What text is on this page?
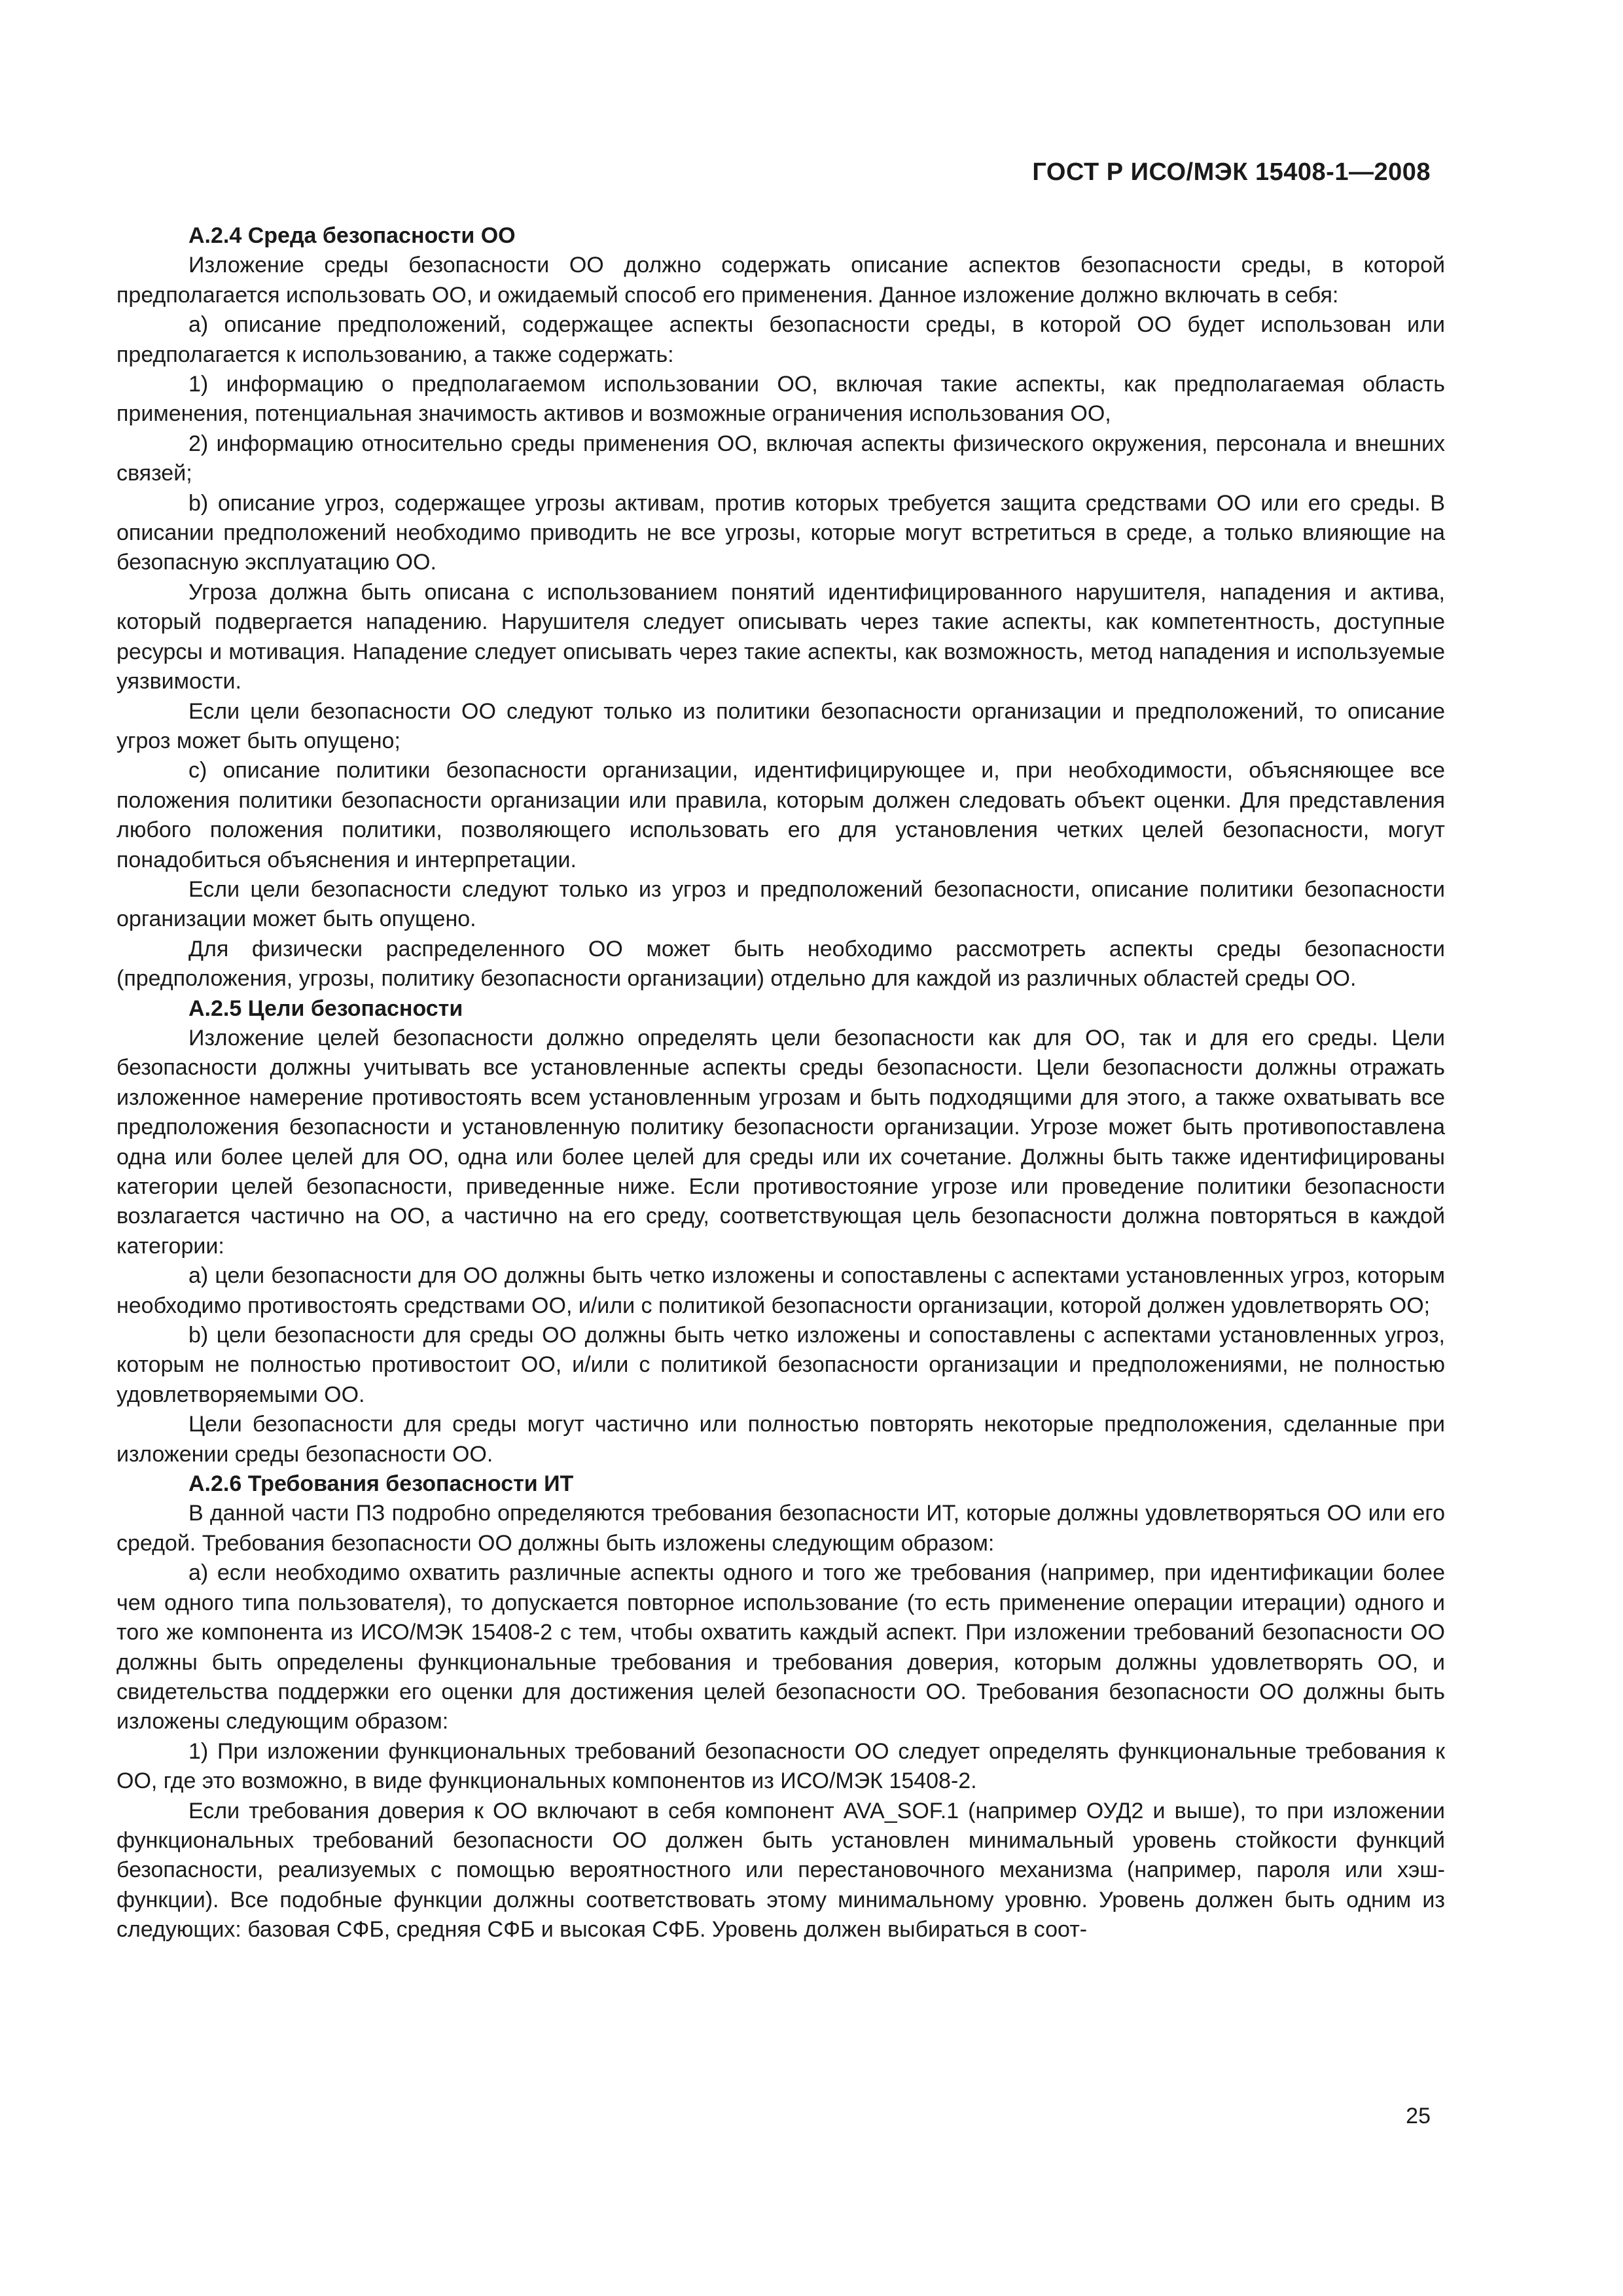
ГОСТ Р ИСО/МЭК 15408-1—2008
А.2.4 Среда безопасности ОО

Изложение среды безопасности ОО должно содержать описание аспектов безопасности среды, в которой предполагается использовать ОО, и ожидаемый способ его применения. Данное изложение должно включать в себя:

a) описание предположений, содержащее аспекты безопасности среды, в которой ОО будет использован или предполагается к использованию, а также содержать:

1) информацию о предполагаемом использовании ОО, включая такие аспекты, как предполагаемая область применения, потенциальная значимость активов и возможные ограничения использования ОО,

2) информацию относительно среды применения ОО, включая аспекты физического окружения, персонала и внешних связей;

b) описание угроз, содержащее угрозы активам, против которых требуется защита средствами ОО или его среды. В описании предположений необходимо приводить не все угрозы, которые могут встретиться в среде, а только влияющие на безопасную эксплуатацию ОО.

Угроза должна быть описана с использованием понятий идентифицированного нарушителя, нападения и актива, который подвергается нападению. Нарушителя следует описывать через такие аспекты, как компетентность, доступные ресурсы и мотивация. Нападение следует описывать через такие аспекты, как возможность, метод нападения и используемые уязвимости.

Если цели безопасности ОО следуют только из политики безопасности организации и предположений, то описание угроз может быть опущено;

c) описание политики безопасности организации, идентифицирующее и, при необходимости, объясняющее все положения политики безопасности организации или правила, которым должен следовать объект оценки. Для представления любого положения политики, позволяющего использовать его для установления четких целей безопасности, могут понадобиться объяснения и интерпретации.

Если цели безопасности следуют только из угроз и предположений безопасности, описание политики безопасности организации может быть опущено.

Для физически распределенного ОО может быть необходимо рассмотреть аспекты среды безопасности (предположения, угрозы, политику безопасности организации) отдельно для каждой из различных областей среды ОО.

А.2.5 Цели безопасности

Изложение целей безопасности должно определять цели безопасности как для ОО, так и для его среды. Цели безопасности должны учитывать все установленные аспекты среды безопасности. Цели безопасности должны отражать изложенное намерение противостоять всем установленным угрозам и быть подходящими для этого, а также охватывать все предположения безопасности и установленную политику безопасности организации. Угрозе может быть противопоставлена одна или более целей для ОО, одна или более целей для среды или их сочетание. Должны быть также идентифицированы категории целей безопасности, приведенные ниже. Если противостояние угрозе или проведение политики безопасности возлагается частично на ОО, а частично на его среду, соответствующая цель безопасности должна повторяться в каждой категории:

a) цели безопасности для ОО должны быть четко изложены и сопоставлены с аспектами установленных угроз, которым необходимо противостоять средствами ОО, и/или с политикой безопасности организации, которой должен удовлетворять ОО;

b) цели безопасности для среды ОО должны быть четко изложены и сопоставлены с аспектами установленных угроз, которым не полностью противостоит ОО, и/или с политикой безопасности организации и предположениями, не полностью удовлетворяемыми ОО.

Цели безопасности для среды могут частично или полностью повторять некоторые предположения, сделанные при изложении среды безопасности ОО.

А.2.6 Требования безопасности ИТ

В данной части ПЗ подробно определяются требования безопасности ИТ, которые должны удовлетворяться ОО или его средой. Требования безопасности ОО должны быть изложены следующим образом:

a) если необходимо охватить различные аспекты одного и того же требования (например, при идентификации более чем одного типа пользователя), то допускается повторное использование (то есть применение операции итерации) одного и того же компонента из ИСО/МЭК 15408-2 с тем, чтобы охватить каждый аспект. При изложении требований безопасности ОО должны быть определены функциональные требования и требования доверия, которым должны удовлетворять ОО, и свидетельства поддержки его оценки для достижения целей безопасности ОО. Требования безопасности ОО должны быть изложены следующим образом:

1) При изложении функциональных требований безопасности ОО следует определять функциональные требования к ОО, где это возможно, в виде функциональных компонентов из ИСО/МЭК 15408-2.

Если требования доверия к ОО включают в себя компонент AVA_SOF.1 (например ОУД2 и выше), то при изложении функциональных требований безопасности ОО должен быть установлен минимальный уровень стойкости функций безопасности, реализуемых с помощью вероятностного или перестановочного механизма (например, пароля или хэш-функции). Все подобные функции должны соответствовать этому минимальному уровню. Уровень должен быть одним из следующих: базовая СФБ, средняя СФБ и высокая СФБ. Уровень должен выбираться в соот-

25
